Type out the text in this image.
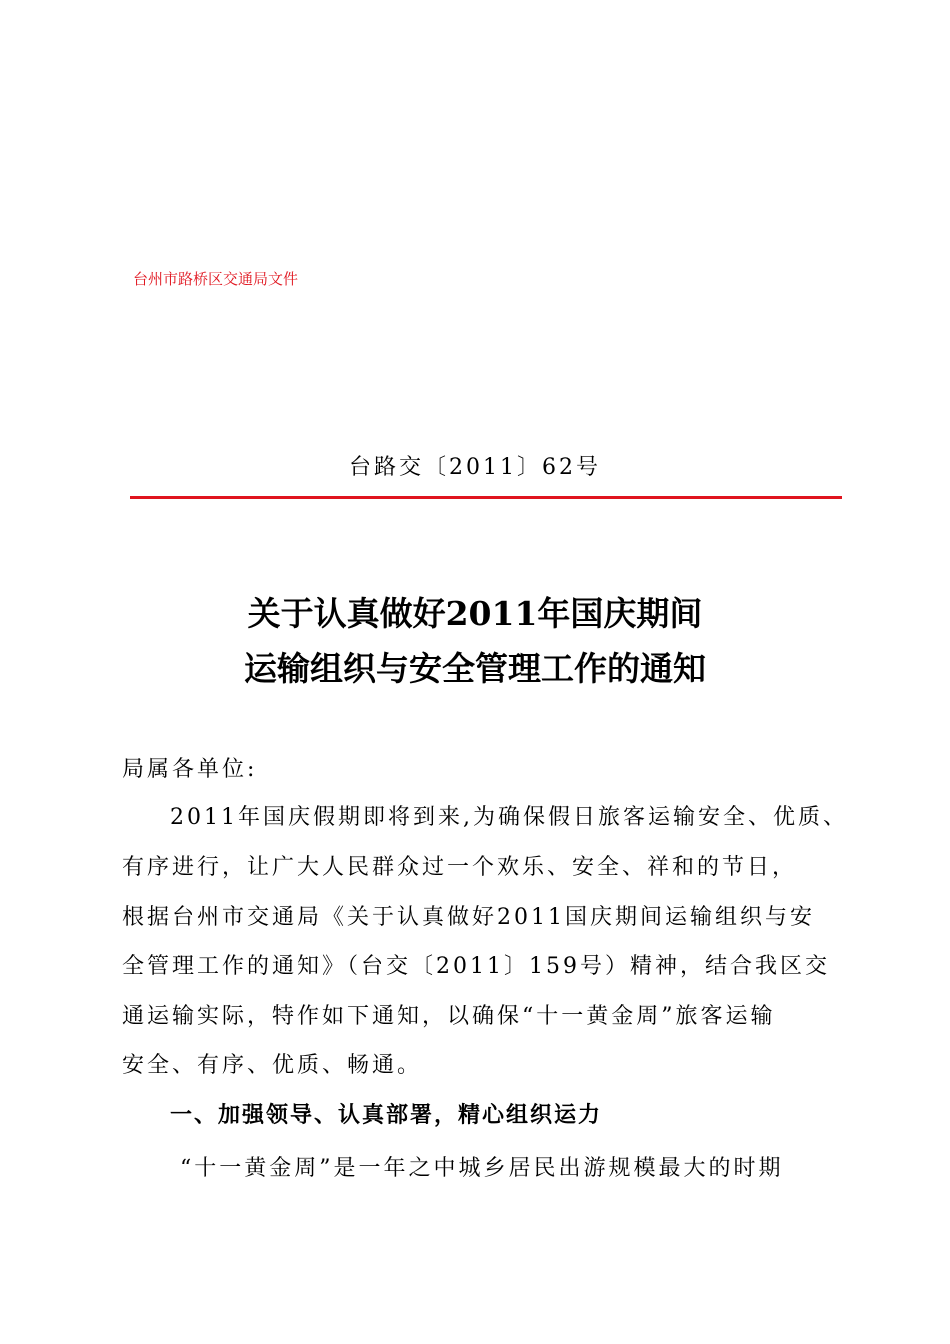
台州市路桥区交通局文件
台路交〔2011〕62号
关于认真做好2011年国庆期间
运输组织与安全管理工作的通知
局属各单位:
2011年国庆假期即将到来,为确保假日旅客运输安全、优质、
有序进行，让广大人民群众过一个欢乐、安全、祥和的节日，
根据台州市交通局《关于认真做好2011国庆期间运输组织与安
全管理工作的通知》（台交〔2011〕159号）精神，结合我区交
通运输实际，特作如下通知，以确保“十一黄金周”旅客运输
安全、有序、优质、畅通。
一、加强领导、认真部署，精心组织运力
“十一黄金周”是一年之中城乡居民出游规模最大的时期
